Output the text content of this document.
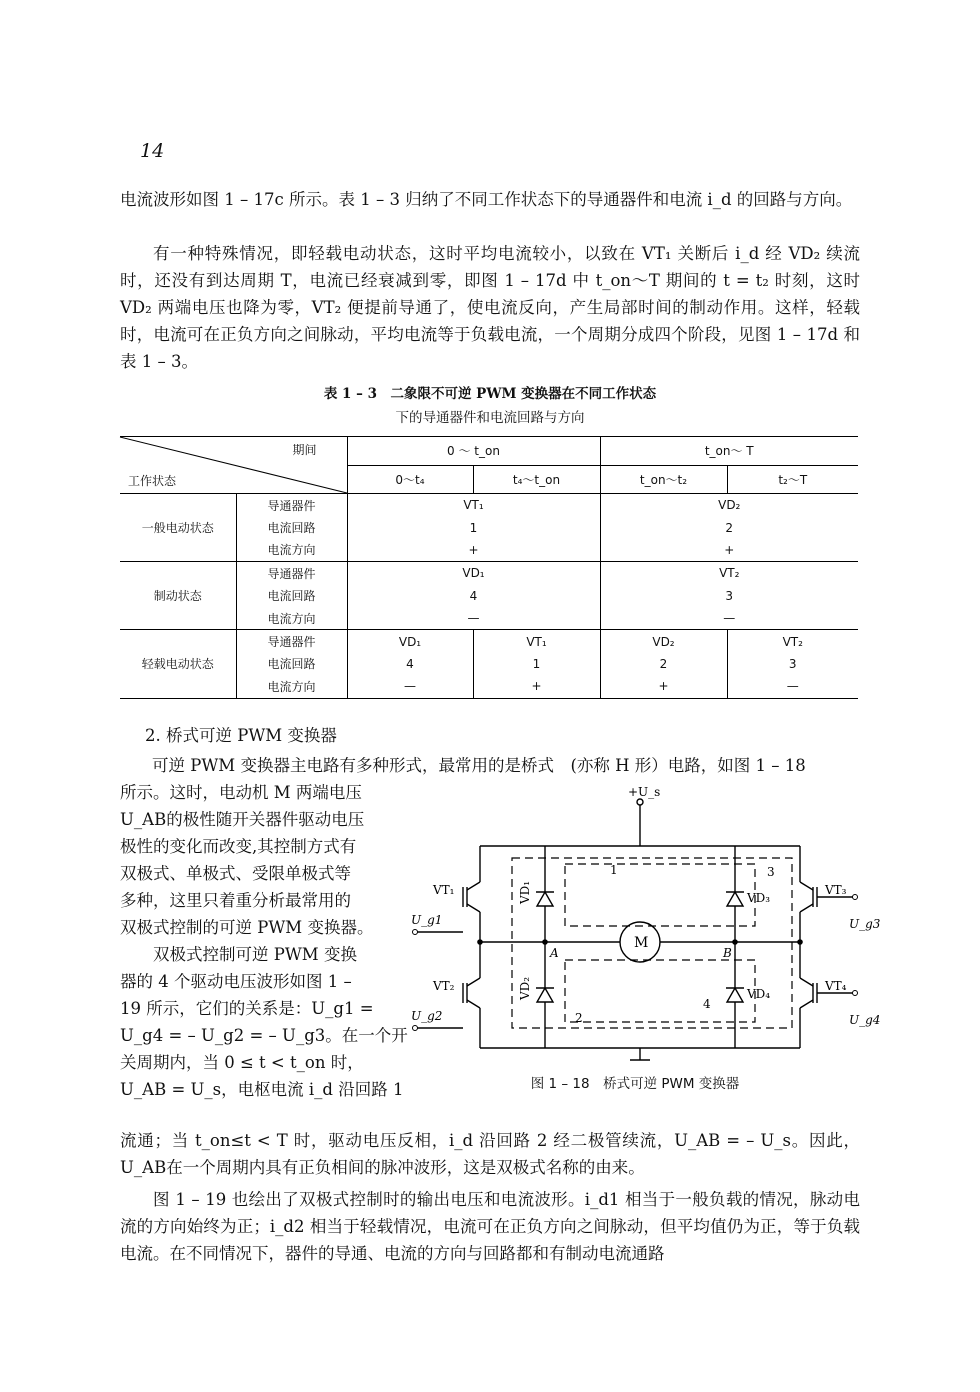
14

电流波形如图 1 – 17c 所示。表 1 – 3 归纳了不同工作状态下的导通器件和电流 i_d 的回路与方向。

有一种特殊情况，即轻载电动状态，这时平均电流较小，以致在 VT₁ 关断后 i_d 经 VD₂ 续流时，还没有到达周期 T，电流已经衰减到零，即图 1 – 17d 中 t_on～T 期间的 t = t₂ 时刻，这时 VD₂ 两端电压也降为零，VT₂ 便提前导通了，使电流反向，产生局部时间的制动作用。这样，轻载时，电流可在正负方向之间脉动，平均电流等于负载电流，一个周期分成四个阶段，见图 1 – 17d 和表 1 – 3。

表 1 – 3　二象限不可逆 PWM 变换器在不同工作状态
下的导通器件和电流回路与方向
期间
工作状态		0 ～ t_on		t_on～ T	
		0～t₄	t₄～t_on	t_on～t₂	t₂～T
一般电动状态	导通器件	VT₁		VD₂	
	电流回路	1		2	
	电流方向	+		+	
制动状态	导通器件	VD₁		VT₂	
	电流回路	4		3	
	电流方向	—		—	
轻载电动状态	导通器件	VD₁	VT₁	VD₂	VT₂
	电流回路	4	1	2	3
	电流方向	—	+	+	—
2. 桥式可逆 PWM 变换器

可逆 PWM 变换器主电路有多种形式，最常用的是桥式　(亦称 H 形）电路，如图 1 – 18

所示。这时，电动机 M 两端电压

U_AB的极性随开关器件驱动电压

极性的变化而改变,其控制方式有

双极式、单极式、受限单极式等

多种，这里只着重分析最常用的

双极式控制的可逆 PWM 变换器。

　　双极式控制可逆 PWM 变换

器的 4 个驱动电压波形如图 1 –

19 所示，它们的关系是：U_g1 =

U_g4 = – U_g2 = – U_g3。在一个开

关周期内，当 0 ≤ t < t_on 时，

U_AB = U_s，电枢电流 i_d 沿回路 1

+U_s
VT₁
VT₂
VT₃
VT₄
VD₁
VD₂
VD₃
VD₄
U_g1
U_g2
U_g3
U_g4
M
A	B
1
2
3
4
图 1 – 18　桥式可逆 PWM 变换器

流通；当 t_on≤t < T 时，驱动电压反相，i_d 沿回路 2 经二极管续流，U_AB = – U_s。因此，U_AB在一个周期内具有正负相间的脉冲波形，这是双极式名称的由来。

图 1 – 19 也绘出了双极式控制时的输出电压和电流波形。i_d1 相当于一般负载的情况，脉动电流的方向始终为正；i_d2 相当于轻载情况，电流可在正负方向之间脉动，但平均值仍为正，等于负载电流。在不同情况下，器件的导通、电流的方向与回路都和有制动电流通路
